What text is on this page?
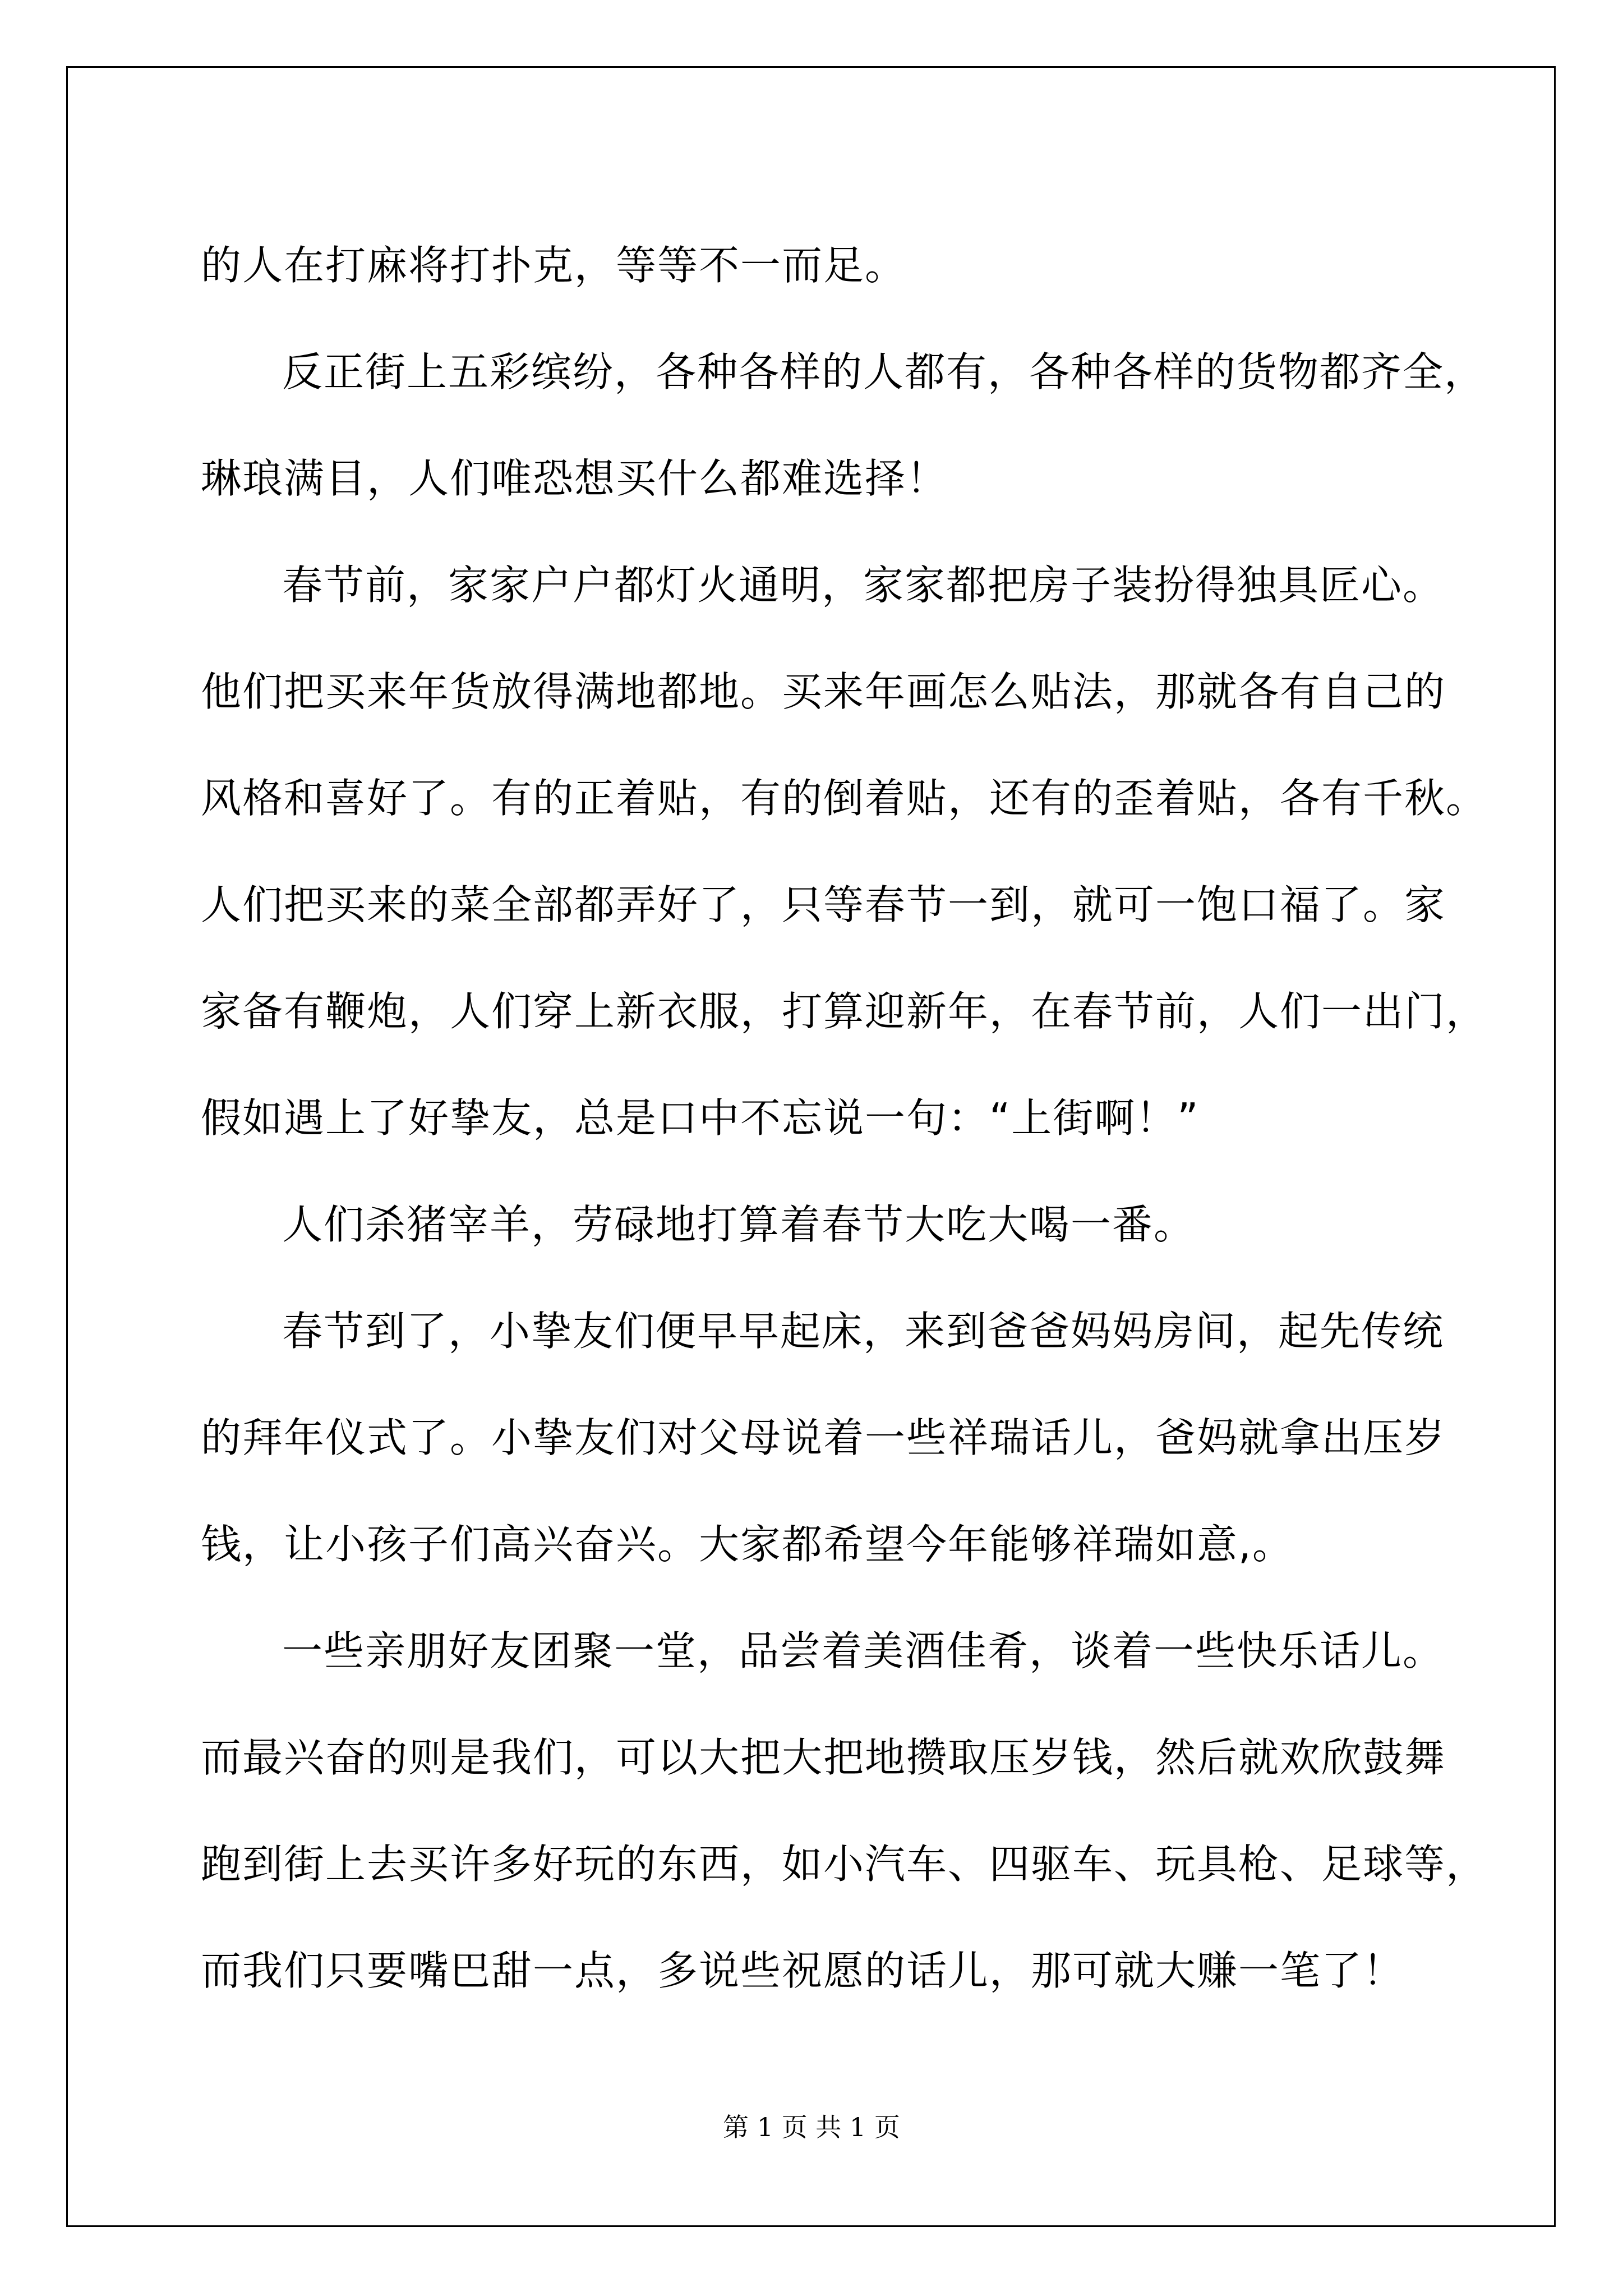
的人在打麻将打扑克，等等不一而足。
反正街上五彩缤纷，各种各样的人都有，各种各样的货物都齐全，
琳琅满目，人们唯恐想买什么都难选择！
春节前，家家户户都灯火通明，家家都把房子装扮得独具匠心。
他们把买来年货放得满地都地。买来年画怎么贴法，那就各有自己的
风格和喜好了。有的正着贴，有的倒着贴，还有的歪着贴，各有千秋。
人们把买来的菜全部都弄好了，只等春节一到，就可一饱口福了。家
家备有鞭炮，人们穿上新衣服，打算迎新年，在春节前，人们一出门，
假如遇上了好挚友，总是口中不忘说一句：“上街啊！”
人们杀猪宰羊，劳碌地打算着春节大吃大喝一番。
春节到了，小挚友们便早早起床，来到爸爸妈妈房间，起先传统
的拜年仪式了。小挚友们对父母说着一些祥瑞话儿，爸妈就拿出压岁
钱，让小孩子们高兴奋兴。大家都希望今年能够祥瑞如意,。
一些亲朋好友团聚一堂，品尝着美酒佳肴，谈着一些快乐话儿。
而最兴奋的则是我们，可以大把大把地攒取压岁钱，然后就欢欣鼓舞
跑到街上去买许多好玩的东西，如小汽车、四驱车、玩具枪、足球等，
而我们只要嘴巴甜一点，多说些祝愿的话儿，那可就大赚一笔了！
第 1 页 共 1 页
